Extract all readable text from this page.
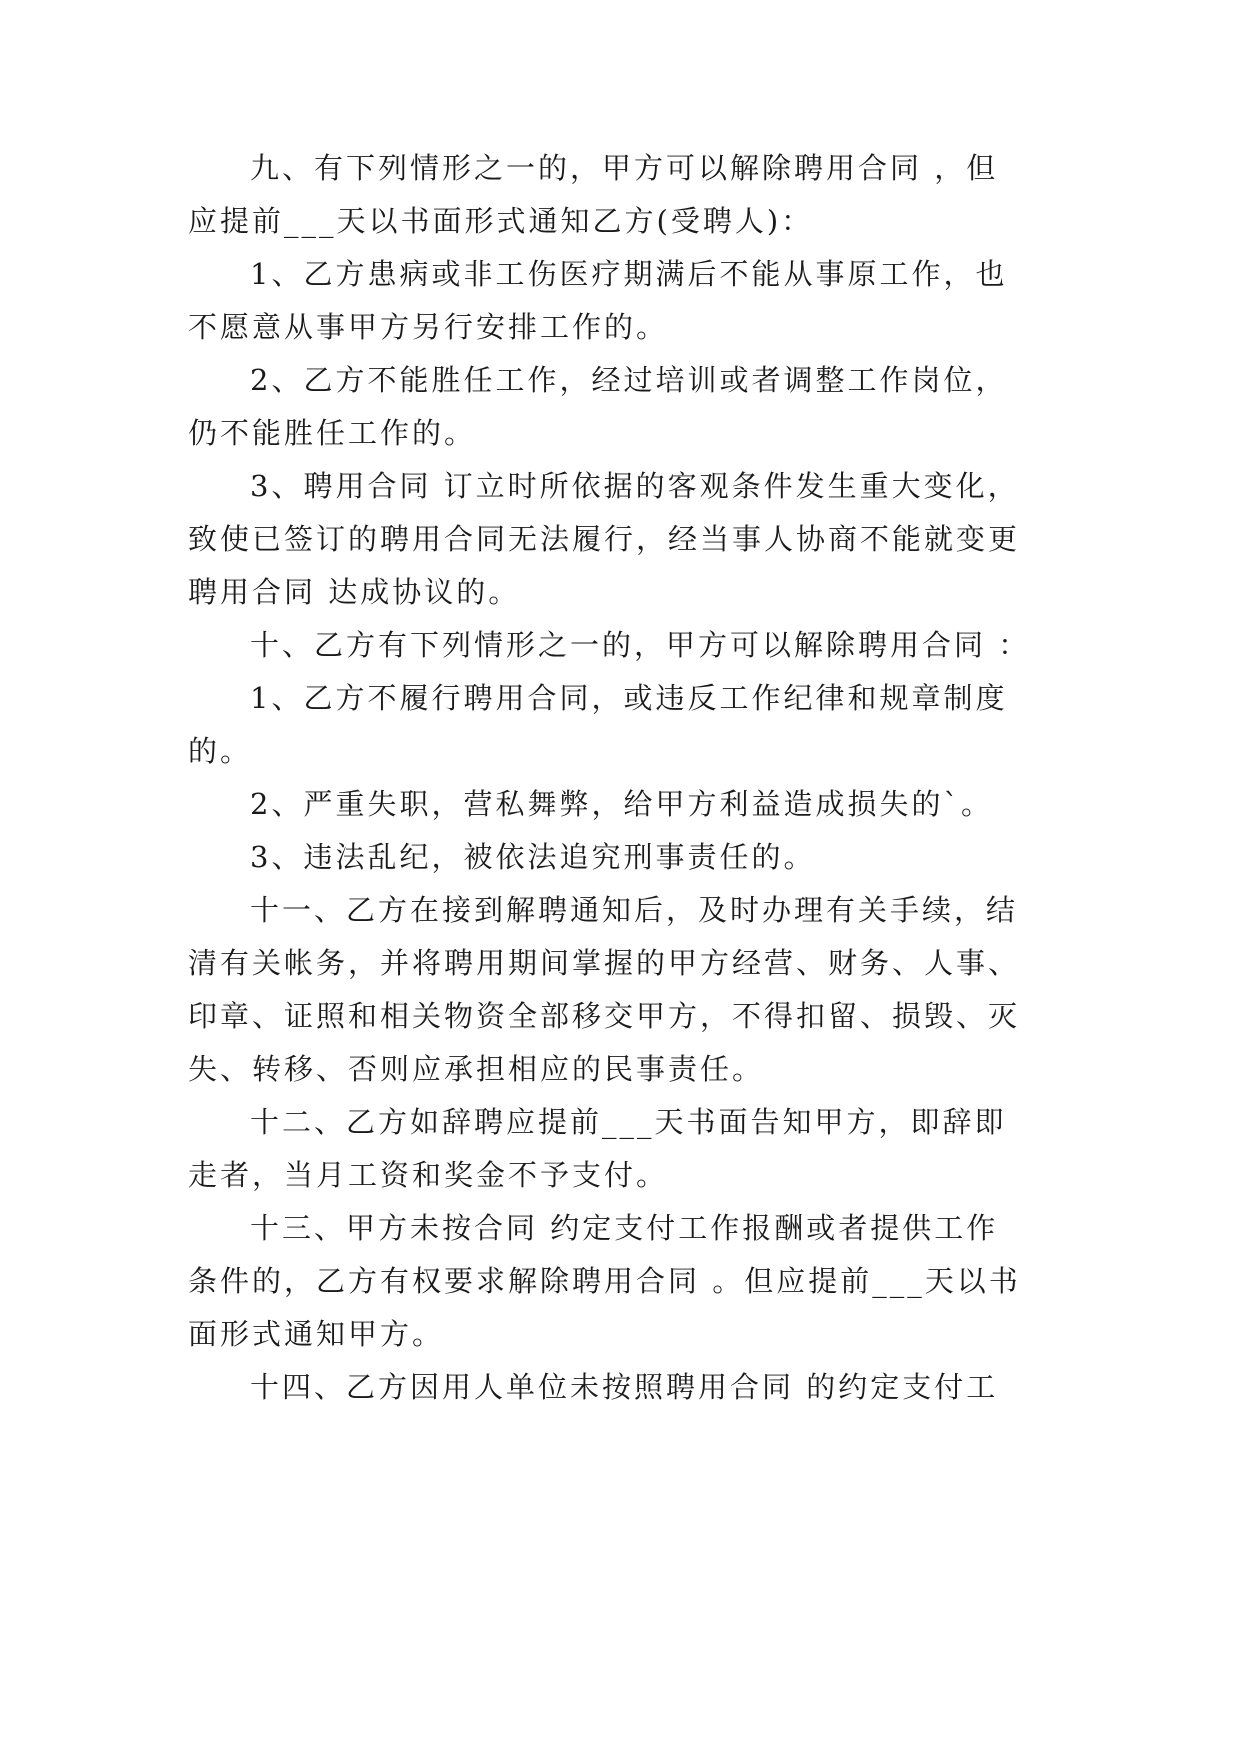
九、有下列情形之一的，甲方可以解除聘用合同 ，但
应提前___天以书面形式通知乙方(受聘人)：
1、乙方患病或非工伤医疗期满后不能从事原工作，也
不愿意从事甲方另行安排工作的。
2、乙方不能胜任工作，经过培训或者调整工作岗位，
仍不能胜任工作的。
3、聘用合同 订立时所依据的客观条件发生重大变化，
致使已签订的聘用合同无法履行，经当事人协商不能就变更
聘用合同 达成协议的。
十、乙方有下列情形之一的，甲方可以解除聘用合同 ：
1、乙方不履行聘用合同，或违反工作纪律和规章制度
的。
2、严重失职，营私舞弊，给甲方利益造成损失的`。
3、违法乱纪，被依法追究刑事责任的。
十一、乙方在接到解聘通知后，及时办理有关手续，结
清有关帐务，并将聘用期间掌握的甲方经营、财务、人事、
印章、证照和相关物资全部移交甲方，不得扣留、损毁、灭
失、转移、否则应承担相应的民事责任。
十二、乙方如辞聘应提前___天书面告知甲方，即辞即
走者，当月工资和奖金不予支付。
十三、甲方未按合同 约定支付工作报酬或者提供工作
条件的，乙方有权要求解除聘用合同 。但应提前___天以书
面形式通知甲方。
十四、乙方因用人单位未按照聘用合同 的约定支付工
